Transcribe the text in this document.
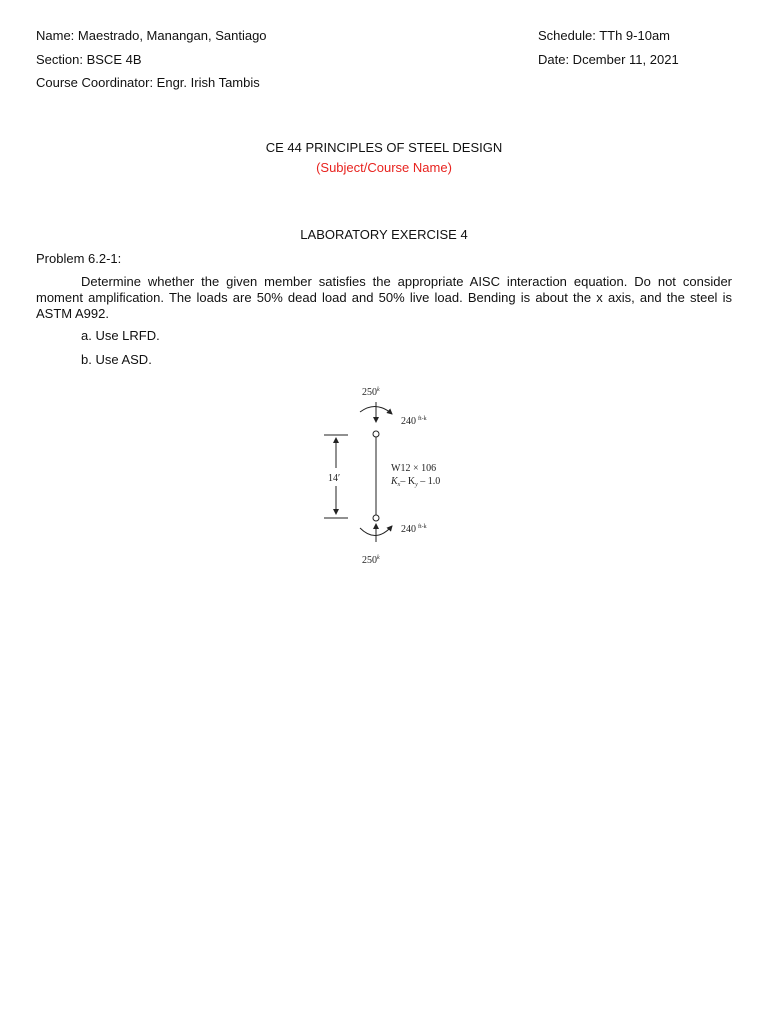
Name: Maestrado, Manangan, Santiago	Schedule: TTh 9-10am
Section: BSCE 4B	Date: Dcember 11, 2021
Course Coordinator: Engr. Irish Tambis
CE 44 PRINCIPLES OF STEEL DESIGN
(Subject/Course Name)
LABORATORY EXERCISE 4
Problem 6.2-1:
Determine whether the given member satisfies the appropriate AISC interaction equation. Do not consider moment amplification. The loads are 50% dead load and 50% live load. Bending is about the x axis, and the steel is ASTM A992.
a. Use LRFD.
b. Use ASD.
250$^k$
240 $^{ft-k}$
14′
W12 × 106
$K_x-$ $K_y - 1.0$
240 $^{ft-k}$
250$^k$
